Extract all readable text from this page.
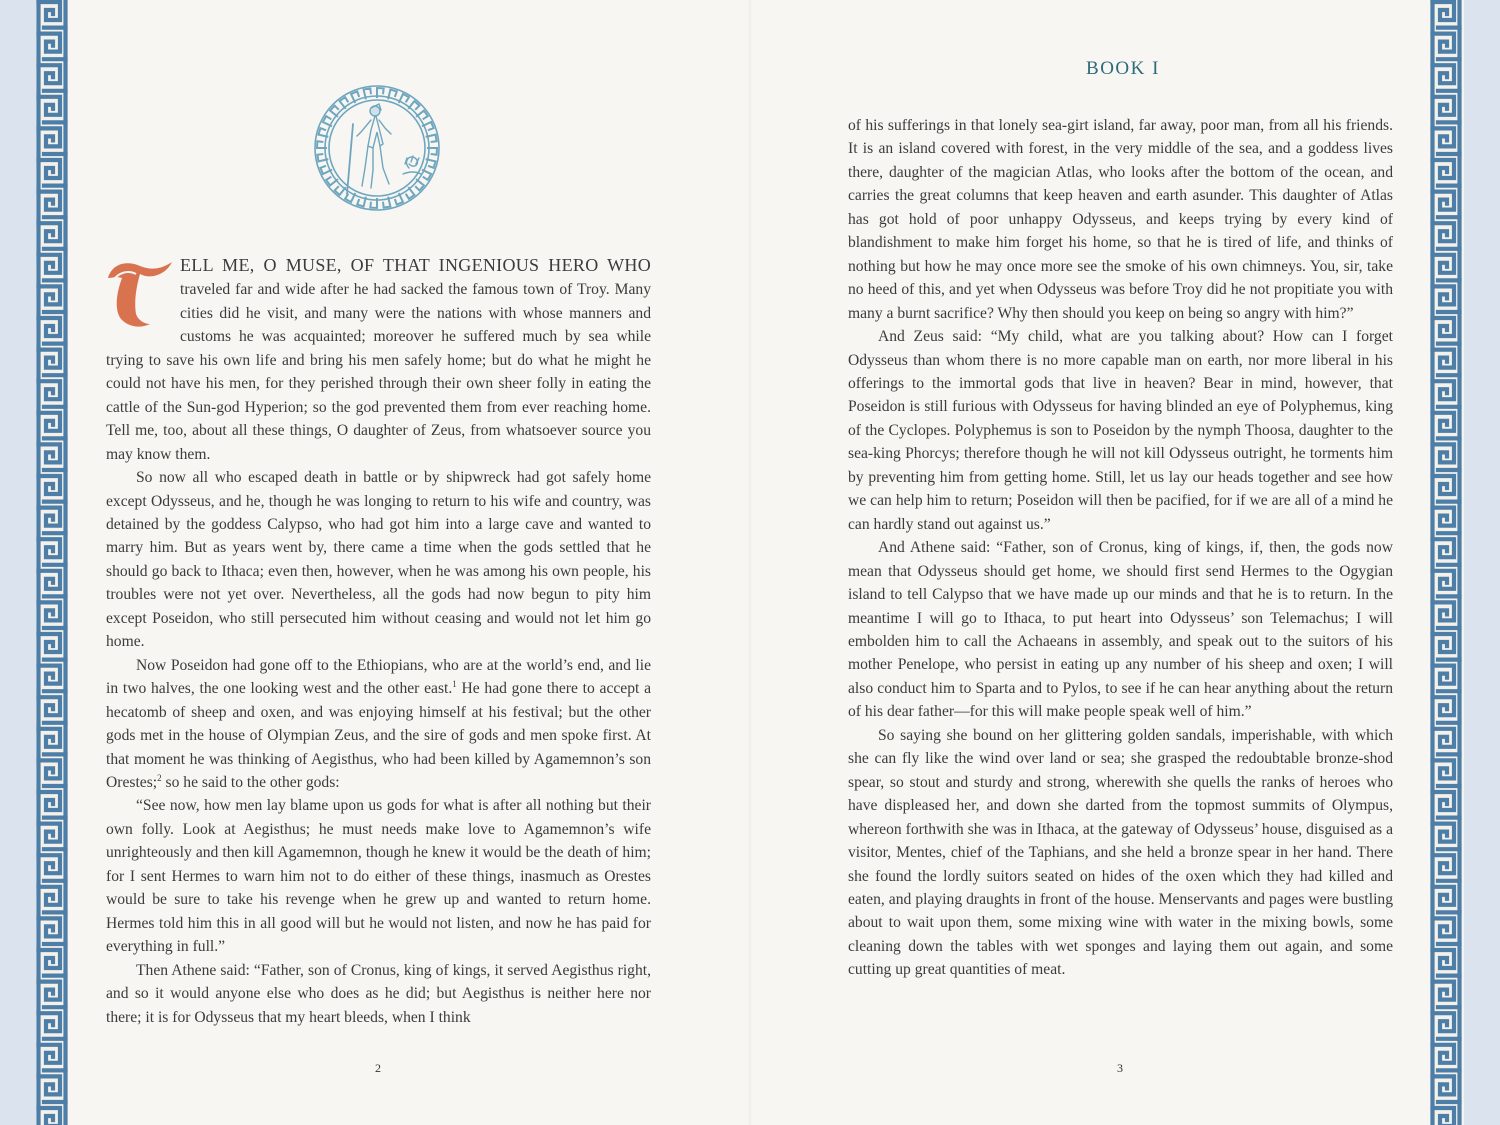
BOOK I

ELL ME, O MUSE, OF THAT INGENIOUS HERO WHO traveled far and wide after he had sacked the famous town of Troy. Many cities did he visit, and many were the nations with whose manners and customs he was acquainted; moreover he suffered much by sea while trying to save his own life and bring his men safely home; but do what he might he could not have his men, for they perished through their own sheer folly in eating the cattle of the Sun-god Hyperion; so the god prevented them from ever reaching home. Tell me, too, about all these things, O daughter of Zeus, from whatsoever source you may know them.

So now all who escaped death in battle or by shipwreck had got safely home except Odysseus, and he, though he was longing to return to his wife and country, was detained by the goddess Calypso, who had got him into a large cave and wanted to marry him. But as years went by, there came a time when the gods settled that he should go back to Ithaca; even then, however, when he was among his own people, his troubles were not yet over. Nevertheless, all the gods had now begun to pity him except Poseidon, who still persecuted him without ceasing and would not let him go home.

Now Poseidon had gone off to the Ethiopians, who are at the world’s end, and lie in two halves, the one looking west and the other east.$^1$ He had gone there to accept a hecatomb of sheep and oxen, and was enjoying himself at his festival; but the other gods met in the house of Olympian Zeus, and the sire of gods and men spoke first. At that moment he was thinking of Aegisthus, who had been killed by Agamemnon’s son Orestes;$^2$ so he said to the other gods:

“See now, how men lay blame upon us gods for what is after all nothing but their own folly. Look at Aegisthus; he must needs make love to Agamemnon’s wife unrighteously and then kill Agamemnon, though he knew it would be the death of him; for I sent Hermes to warn him not to do either of these things, inasmuch as Orestes would be sure to take his revenge when he grew up and wanted to return home. Hermes told him this in all good will but he would not listen, and now he has paid for everything in full.”

Then Athene said: “Father, son of Cronus, king of kings, it served Aegisthus right, and so it would anyone else who does as he did; but Aegisthus is neither here nor there; it is for Odysseus that my heart bleeds, when I think

of his sufferings in that lonely sea-girt island, far away, poor man, from all his friends. It is an island covered with forest, in the very middle of the sea, and a goddess lives there, daughter of the magician Atlas, who looks after the bottom of the ocean, and carries the great columns that keep heaven and earth asunder. This daughter of Atlas has got hold of poor unhappy Odysseus, and keeps trying by every kind of blandishment to make him forget his home, so that he is tired of life, and thinks of nothing but how he may once more see the smoke of his own chimneys. You, sir, take no heed of this, and yet when Odysseus was before Troy did he not propitiate you with many a burnt sacrifice? Why then should you keep on being so angry with him?”

And Zeus said: “My child, what are you talking about? How can I forget Odysseus than whom there is no more capable man on earth, nor more liberal in his offerings to the immortal gods that live in heaven? Bear in mind, however, that Poseidon is still furious with Odysseus for having blinded an eye of Polyphemus, king of the Cyclopes. Polyphemus is son to Poseidon by the nymph Thoosa, daughter to the sea-king Phorcys; therefore though he will not kill Odysseus outright, he torments him by preventing him from getting home. Still, let us lay our heads together and see how we can help him to return; Poseidon will then be pacified, for if we are all of a mind he can hardly stand out against us.”

And Athene said: “Father, son of Cronus, king of kings, if, then, the gods now mean that Odysseus should get home, we should first send Hermes to the Ogygian island to tell Calypso that we have made up our minds and that he is to return. In the meantime I will go to Ithaca, to put heart into Odysseus’ son Telemachus; I will embolden him to call the Achaeans in assembly, and speak out to the suitors of his mother Penelope, who persist in eating up any number of his sheep and oxen; I will also conduct him to Sparta and to Pylos, to see if he can hear anything about the return of his dear father—for this will make people speak well of him.”

So saying she bound on her glittering golden sandals, imperishable, with which she can fly like the wind over land or sea; she grasped the redoubtable bronze-shod spear, so stout and sturdy and strong, wherewith she quells the ranks of heroes who have displeased her, and down she darted from the topmost summits of Olympus, whereon forthwith she was in Ithaca, at the gateway of Odysseus’ house, disguised as a visitor, Mentes, chief of the Taphians, and she held a bronze spear in her hand. There she found the lordly suitors seated on hides of the oxen which they had killed and eaten, and playing draughts in front of the house. Menservants and pages were bustling about to wait upon them, some mixing wine with water in the mixing bowls, some cleaning down the tables with wet sponges and laying them out again, and some cutting up great quantities of meat.

2	3
